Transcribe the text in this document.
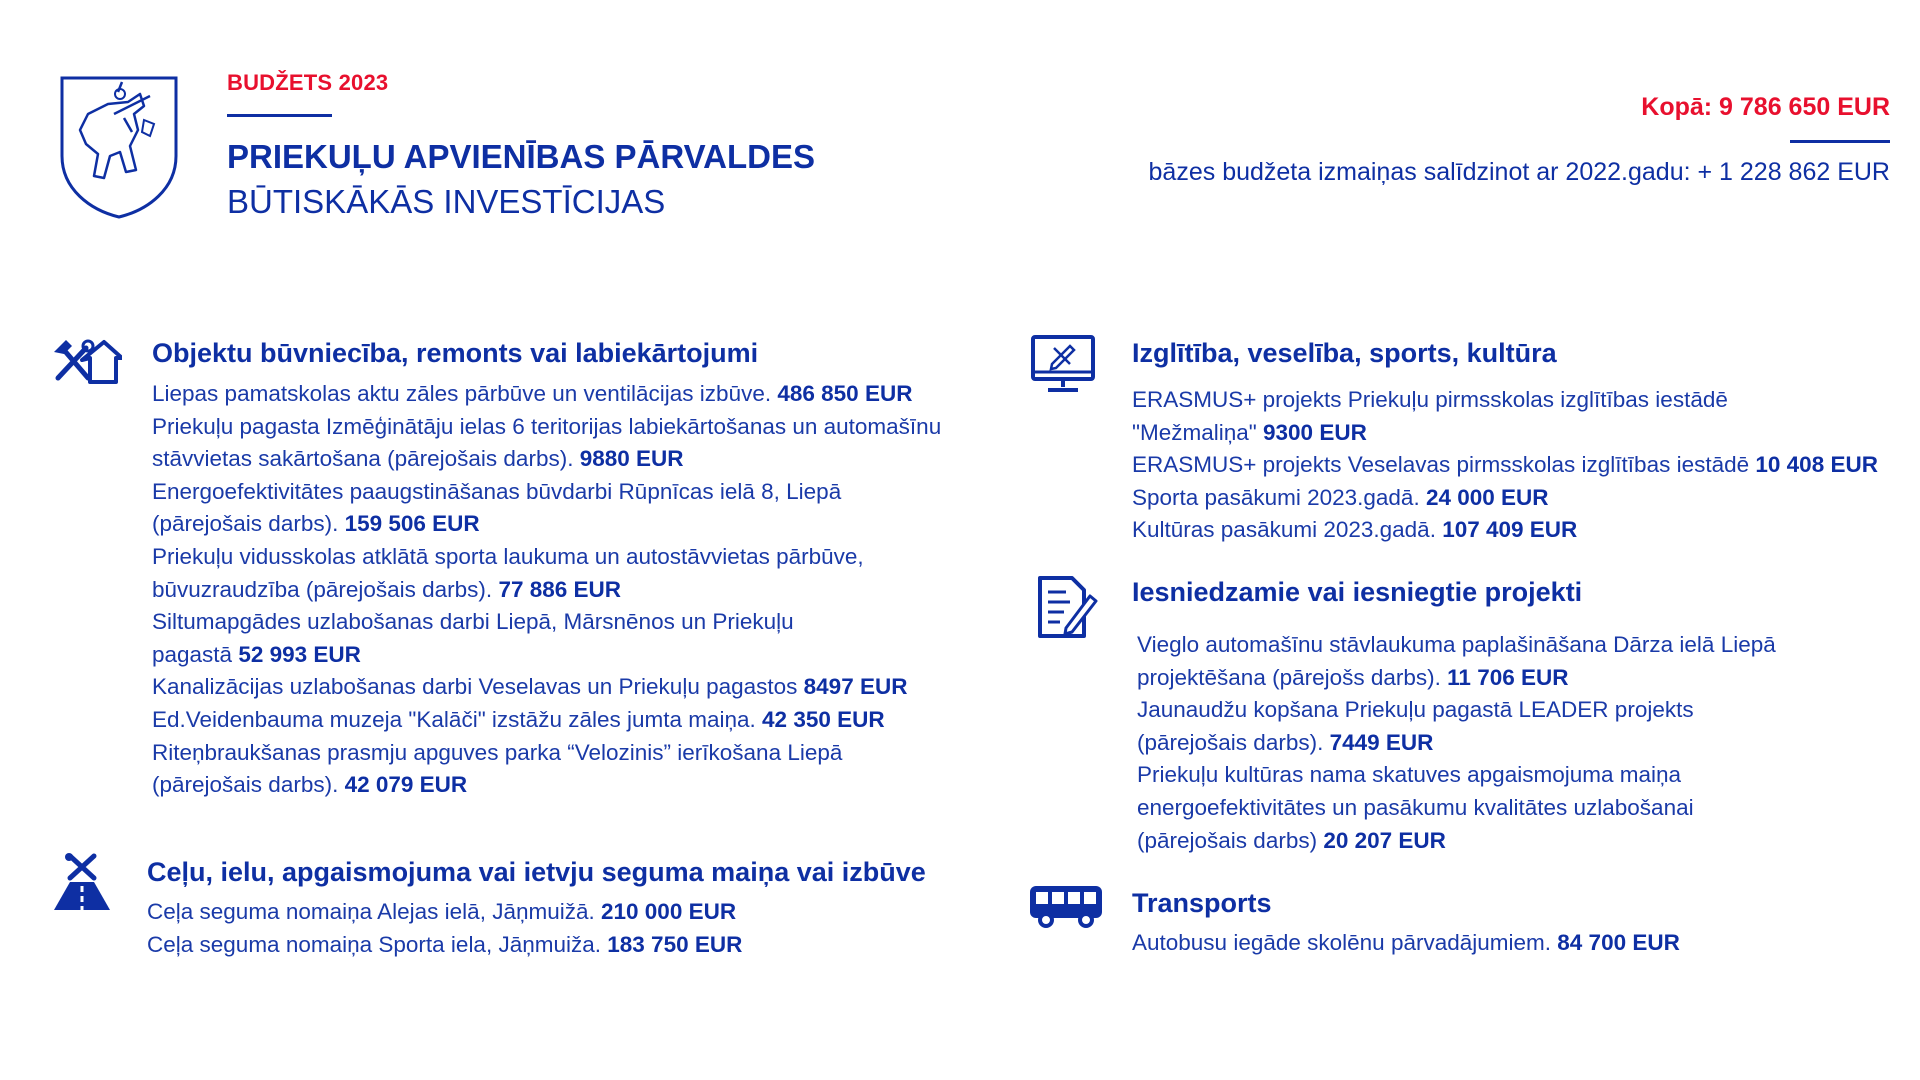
BUDŽETS 2023
PRIEKUĻU APVIENĪBAS PĀRVALDES
BŪTISKĀKĀS INVESTĪCIJAS
Kopā: 9 786 650 EUR
bāzes budžeta izmaiņas salīdzinot ar 2022.gadu: + 1 228 862 EUR
Objektu būvniecība, remonts vai labiekārtojumi
Liepas pamatskolas aktu zāles pārbūve un ventilācijas izbūve. 486 850 EUR
Priekuļu pagasta Izmēģinātāju ielas 6 teritorijas labiekārtošanas un automašīnu
stāvvietas sakārtošana (pārejošais darbs). 9880 EUR
Energoefektivitātes paaugstināšanas būvdarbi Rūpnīcas ielā 8, Liepā
(pārejošais darbs). 159 506 EUR
Priekuļu vidusskolas atklātā sporta laukuma un autostāvvietas pārbūve,
būvuzraudzība (pārejošais darbs). 77 886 EUR
Siltumapgādes uzlabošanas darbi Liepā, Mārsnēnos un Priekuļu
pagastā 52 993 EUR
Kanalizācijas uzlabošanas darbi Veselavas un Priekuļu pagastos 8497 EUR
Ed.Veidenbauma muzeja "Kalāči" izstāžu zāles jumta maiņa. 42 350 EUR
Riteņbraukšanas prasmju apguves parka “Velozinis” ierīkošana Liepā
(pārejošais darbs). 42 079 EUR
Ceļu, ielu, apgaismojuma vai ietvju seguma maiņa vai izbūve
Ceļa seguma nomaiņa Alejas ielā, Jāņmuižā. 210 000 EUR
Ceļa seguma nomaiņa Sporta iela, Jāņmuiža. 183 750 EUR
Izglītība, veselība, sports, kultūra
ERASMUS+ projekts Priekuļu pirmsskolas izglītības iestādē
"Mežmaliņa" 9300 EUR
ERASMUS+ projekts Veselavas pirmsskolas izglītības iestādē 10 408 EUR
Sporta pasākumi 2023.gadā. 24 000 EUR
Kultūras pasākumi 2023.gadā. 107 409 EUR
Iesniedzamie vai iesniegtie projekti
Vieglo automašīnu stāvlaukuma paplašināšana Dārza ielā Liepā
projektēšana (pārejošs darbs). 11 706 EUR
Jaunaudžu kopšana Priekuļu pagastā LEADER projekts
(pārejošais darbs). 7449 EUR
Priekuļu kultūras nama skatuves apgaismojuma maiņa
energoefektivitātes un pasākumu kvalitātes uzlabošanai
(pārejošais darbs) 20 207 EUR
Transports
Autobusu iegāde skolēnu pārvadājumiem. 84 700 EUR
